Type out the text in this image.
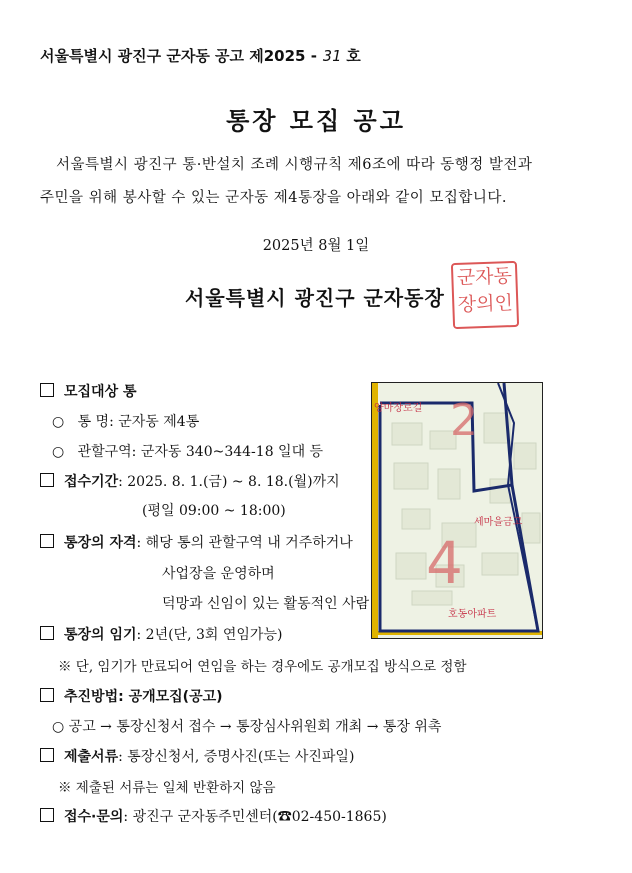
서울특별시 광진구 군자동 공고 제2025 - 31 호
통장 모집 공고
서울특별시 광진구 통·반설치 조례 시행규칙 제6조에 따라 동행정 발전과
주민을 위해 봉사할 수 있는 군자동 제4통장을 아래와 같이 모집합니다.
2025년 8월 1일
서울특별시 광진구 군자동장
군자동
장의인
모집대상 통
○ 통 명: 군자동 제4통
○ 관할구역: 군자동 340~344-18 일대 등
접수기간: 2025. 8. 1.(금) ~ 8. 18.(월)까지
(평일 09:00 ~ 18:00)
통장의 자격: 해당 통의 관할구역 내 거주하거나
사업장을 운영하며
덕망과 신임이 있는 활동적인 사람
통장의 임기: 2년(단, 3회 연임가능)
※ 단, 임기가 만료되어 연임을 하는 경우에도 공개모집 방식으로 정함
추진방법: 공개모집(공고)
○ 공고 → 통장신청서 접수 → 통장심사위원회 개최 → 통장 위촉
제출서류: 통장신청서, 증명사진(또는 사진파일)
※ 제출된 서류는 일체 반환하지 않음
접수·문의: 광진구 군자동주민센터(☎02-450-1865)
2
4
양마장로길
세마을금고
호동아파트
